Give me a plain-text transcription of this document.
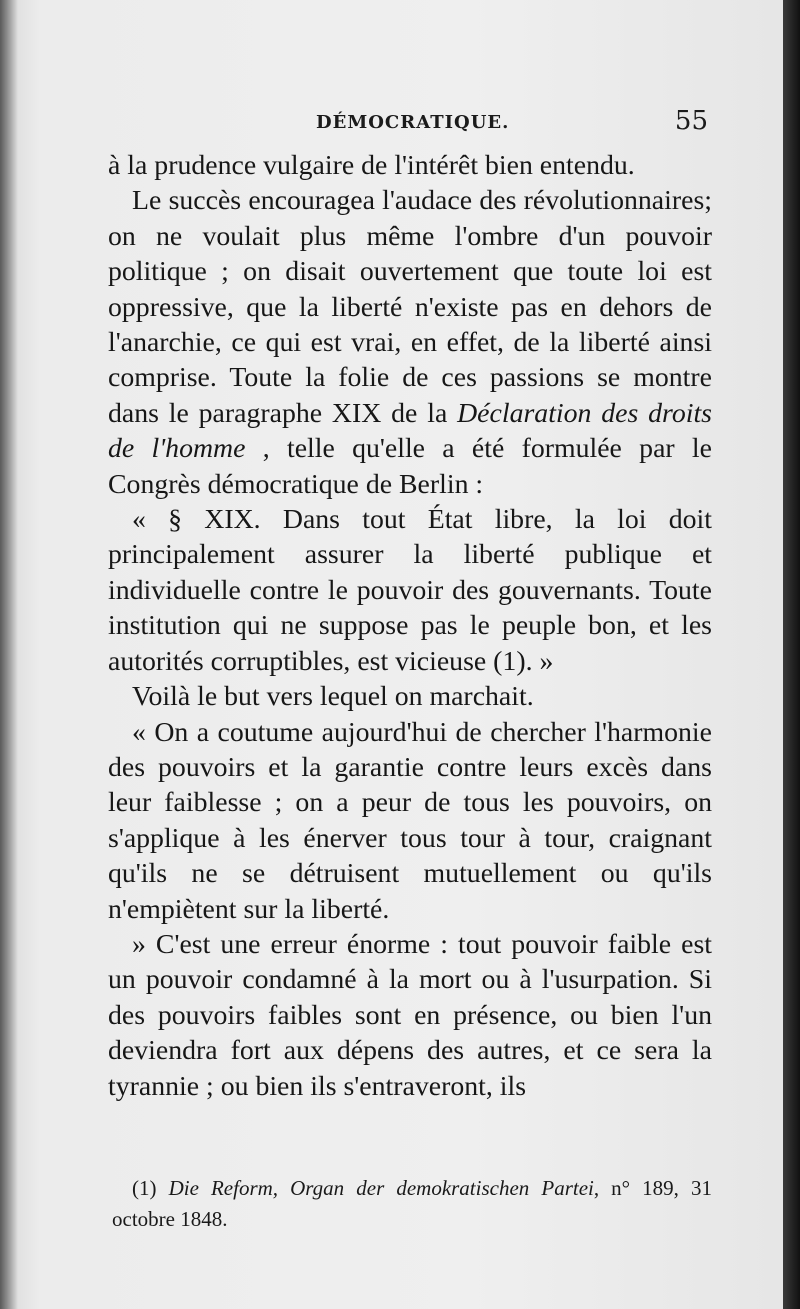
DÉMOCRATIQUE.	55

à la prudence vulgaire de l'intérêt bien entendu.

Le succès encouragea l'audace des révolutionnaires; on ne voulait plus même l'ombre d'un pouvoir politique ; on disait ouvertement que toute loi est oppressive, que la liberté n'existe pas en dehors de l'anarchie, ce qui est vrai, en effet, de la liberté ainsi comprise. Toute la folie de ces passions se montre dans le paragraphe XIX de la Déclaration des droits de l'homme , telle qu'elle a été formulée par le Congrès démocratique de Berlin :

« § XIX. Dans tout État libre, la loi doit principalement assurer la liberté publique et individuelle contre le pouvoir des gouvernants. Toute institution qui ne suppose pas le peuple bon, et les autorités corruptibles, est vicieuse (1). »

Voilà le but vers lequel on marchait.

« On a coutume aujourd'hui de chercher l'harmonie des pouvoirs et la garantie contre leurs excès dans leur faiblesse ; on a peur de tous les pouvoirs, on s'applique à les énerver tous tour à tour, craignant qu'ils ne se détruisent mutuellement ou qu'ils n'empiètent sur la liberté.

» C'est une erreur énorme : tout pouvoir faible est un pouvoir condamné à la mort ou à l'usurpation. Si des pouvoirs faibles sont en présence, ou bien l'un deviendra fort aux dépens des autres, et ce sera la tyrannie ; ou bien ils s'entraveront, ils

(1) Die Reform, Organ der demokratischen Partei, n° 189, 31 octobre 1848.
